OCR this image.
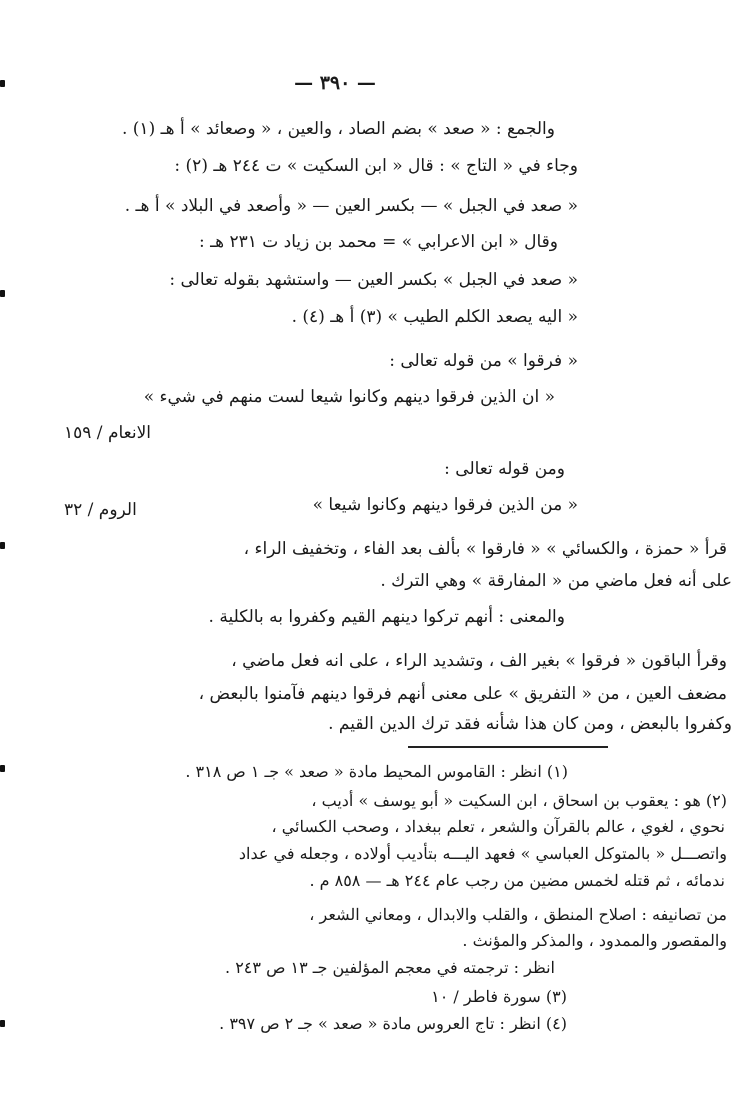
— ٣٩٠ —
والجمع : « صعد » بضم الصاد ، والعين ، « وصعائد » أ هـ (١) .
وجاء في « التاج » : قال « ابن السكيت » ت ٢٤٤ هـ (٢) :
« صعد في الجبل » — بكسر العين — « وأصعد في البلاد » أ هـ .
وقال « ابن الاعرابي » = محمد بن زياد ت ٢٣١ هـ :
« صعد في الجبل » بكسر العين — واستشهد بقوله تعالى :
« اليه يصعد الكلم الطيب » (٣) أ هـ (٤) .
« فرقوا » من قوله تعالى :
« ان الذين فرقوا دينهم وكانوا شيعا لست منهم في شيء »
الانعام / ١٥٩
ومن قوله تعالى :
« من الذين فرقوا دينهم وكانوا شيعا »
الروم / ٣٢
قرأ « حمزة ، والكسائي » « فارقوا » بألف بعد الفاء ، وتخفيف الراء ،
على أنه فعل ماضي من « المفارقة » وهي الترك .
والمعنى : أنهم تركوا دينهم القيم وكفروا به بالكلية .
وقرأ الباقون « فرقوا » بغير الف ، وتشديد الراء ، على انه فعل ماضي ،
مضعف العين ، من « التفريق » على معنى أنهم فرقوا دينهم فآمنوا بالبعض ،
وكفروا بالبعض ، ومن كان هذا شأنه فقد ترك الدين القيم .
(١) انظر : القاموس المحيط مادة « صعد » جـ ١ ص ٣١٨ .
(٢) هو : يعقوب بن اسحاق ، ابن السكيت « أبو يوسف » أديب ،
نحوي ، لغوي ، عالم بالقرآن والشعر ، تعلم ببغداد ، وصحب الكسائي ،
واتصـــل « بالمتوكل العباسي » فعهد اليـــه بتأديب أولاده ، وجعله في عداد
ندمائه ، ثم قتله لخمس مضين من رجب عام ٢٤٤ هـ — ٨٥٨ م .
من تصانيفه : اصلاح المنطق ، والقلب والابدال ، ومعاني الشعر ،
والمقصور والممدود ، والمذكر والمؤنث .
انظر : ترجمته في معجم المؤلفين جـ ١٣ ص ٢٤٣ .
(٣) سورة فاطر / ١٠
(٤) انظر : تاج العروس مادة « صعد » جـ ٢ ص ٣٩٧ .
